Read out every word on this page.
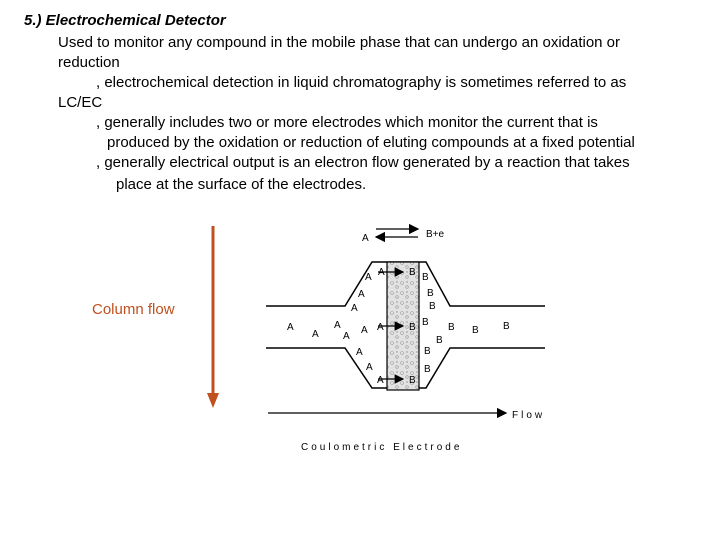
5.) Electrochemical Detector
Used to monitor any compound in the mobile phase that can undergo an oxidation or
reduction
, electrochemical detection in liquid chromatography is sometimes referred to as
LC/EC
, generally includes two or more electrodes which monitor the current that is
produced by the oxidation or reduction of eluting compounds at a fixed potential
, generally electrical output is an electron flow generated by a reaction that takes
place at the surface of the electrodes.
Column flow
A	B+e
A A
A
A
A
A
A
A
A A
A
A
A
B B
B
B
B B
B
B B B
B
B
B
Flow
Coulometric Electrode
